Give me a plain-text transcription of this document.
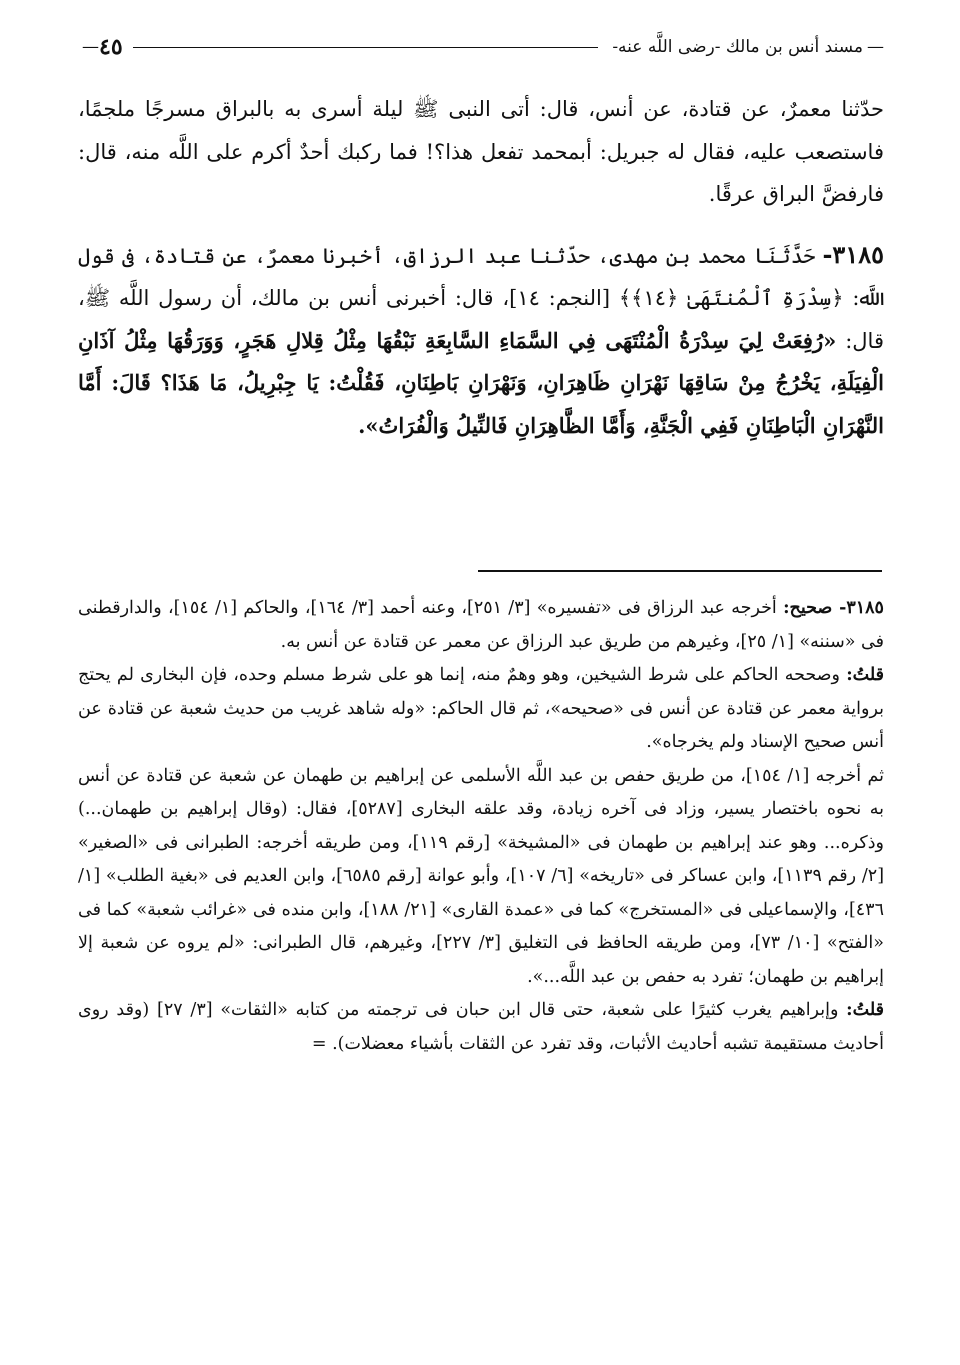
—
مسند أنس بن مالك -رضى اللَّه عنه-
٤٥
—

حدّثنا معمرٌ، عن قتادة، عن أنس، قال: أتى النبى ﷺ ليلة أسرى به بالبراق مسرجًا ملجمًا، فاستصعب عليه، فقال له جبريل: أبمحمد تفعل هذا؟! فما ركبك أحدٌ أكرم على اللَّه منه، قال: فارفضَّ البراق عرقًا.

٣١٨٥- حَدَّثَنَا محمد بن مهدى، حدّثنا عبد الرزاق، أخبرنا معمرٌ، عن قتادة، فى قول اللَّه: ﴿سِدْرَةِ ٱلْمُنتَهَىٰ ﴿١٤﴾﴾ [النجم: ١٤]، قال: أخبرنى أنس بن مالك، أن رسول اللَّه ﷺ، قال: «رُفِعَتْ لِيَ سِدْرَةُ الْمُنْتَهَى فِي السَّمَاءِ السَّابِعَةِ نَبْقُهَا مِثْلُ قِلالِ هَجَرٍ، وَوَرَقُهَا مِثْلُ آذَانِ الْفِيَلَةِ، يَخْرُجُ مِنْ سَاقِهَا نَهْرَانِ ظَاهِرَانِ، وَنَهْرَانِ بَاطِنَانِ، فَقُلْتُ: يَا جِبْرِيلُ، مَا هَذَا؟ قَالَ: أَمَّا النَّهْرَانِ الْبَاطِنَانِ فَفِي الْجَنَّةِ، وَأَمَّا الظَّاهِرَانِ فَالنِّيلُ وَالْفُرَاتُ».

٣١٨٥- صحيح: أخرجه عبد الرزاق فى «تفسيره» [٣/ ٢٥١]، وعنه أحمد [٣/ ١٦٤]، والحاكم [١/ ١٥٤]، والدارقطنى فى «سننه» [١/ ٢٥]، وغيرهم من طريق عبد الرزاق عن معمر عن قتادة عن أنس به.

قلتُ: وصححه الحاكم على شرط الشيخين، وهو وهمٌ منه، إنما هو على شرط مسلم وحده، فإن البخارى لم يحتج برواية معمر عن قتادة عن أنس فى «صحيحه»، ثم قال الحاكم: «وله شاهد غريب من حديث شعبة عن قتادة عن أنس صحيح الإسناد ولم يخرجاه».

ثم أخرجه [١/ ١٥٤]، من طريق حفص بن عبد اللَّه الأسلمى عن إبراهيم بن طهمان عن شعبة عن قتادة عن أنس به نحوه باختصار يسير، وزاد فى آخره زيادة، وقد علقه البخارى [٥٢٨٧]، فقال: (وقال إبراهيم بن طهمان...) وذكره... وهو عند إبراهيم بن طهمان فى «المشيخة» [رقم ١١٩]، ومن طريقه أخرجه: الطبرانى فى «الصغير» [٢/ رقم ١١٣٩]، وابن عساكر فى «تاريخه» [٦/ ١٠٧]، وأبو عوانة [رقم ٦٥٨٥]، وابن العديم فى «بغية الطلب» [١/ ٤٣٦]، والإسماعيلى فى «المستخرج» كما فى «عمدة القارى» [٢١/ ١٨٨]، وابن منده فى «غرائب شعبة» كما فى «الفتح» [١٠/ ٧٣]، ومن طريقه الحافظ فى التغليق [٣/ ٢٢٧]، وغيرهم، قال الطبرانى: «لم يروه عن شعبة إلا إبراهيم بن طهمان؛ تفرد به حفص بن عبد اللَّه...».

قلتُ: وإبراهيم يغرب كثيرًا على شعبة، حتى قال ابن حبان فى ترجمته من كتابه «الثقات» [٣/ ٢٧] (وقد روى أحاديث مستقيمة تشبه أحاديث الأثبات، وقد تفرد عن الثقات بأشياء معضلات). =
